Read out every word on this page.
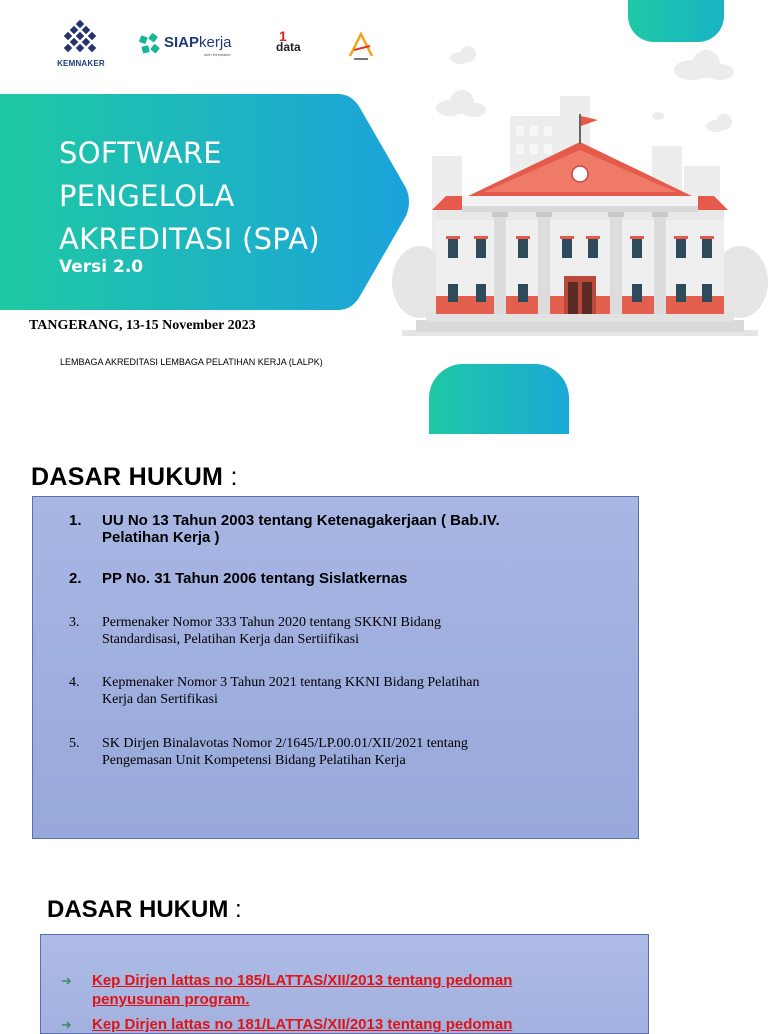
KEMNAKER
SIAPkerja
oleh Kemnaker
1
data
SOFTWARE
PENGELOLA
AKREDITASI (SPA)
Versi 2.0
TANGERANG, 13-15 November 2023
LEMBAGA AKREDITASI LEMBAGA PELATIHAN KERJA (LALPK)
DASAR HUKUM :
1. UU No 13 Tahun 2003 tentang Ketenagakerjaan ( Bab.IV.
Pelatihan Kerja )
2. PP No. 31 Tahun 2006 tentang Sislatkernas
3. Permenaker Nomor 333 Tahun 2020 tentang SKKNI Bidang
Standardisasi, Pelatihan Kerja dan Sertiifikasi
4. Kepmenaker Nomor 3 Tahun 2021 tentang KKNI Bidang Pelatihan
Kerja dan Sertifikasi
5. SK Dirjen Binalavotas Nomor 2/1645/LP.00.01/XII/2021 tentang
Pengemasan Unit Kompetensi Bidang Pelatihan Kerja
DASAR HUKUM :
Kep Dirjen lattas no 185/LATTAS/XII/2013 tentang pedoman
penyusunan program.
Kep Dirjen lattas no 181/LATTAS/XII/2013 tentang pedoman
